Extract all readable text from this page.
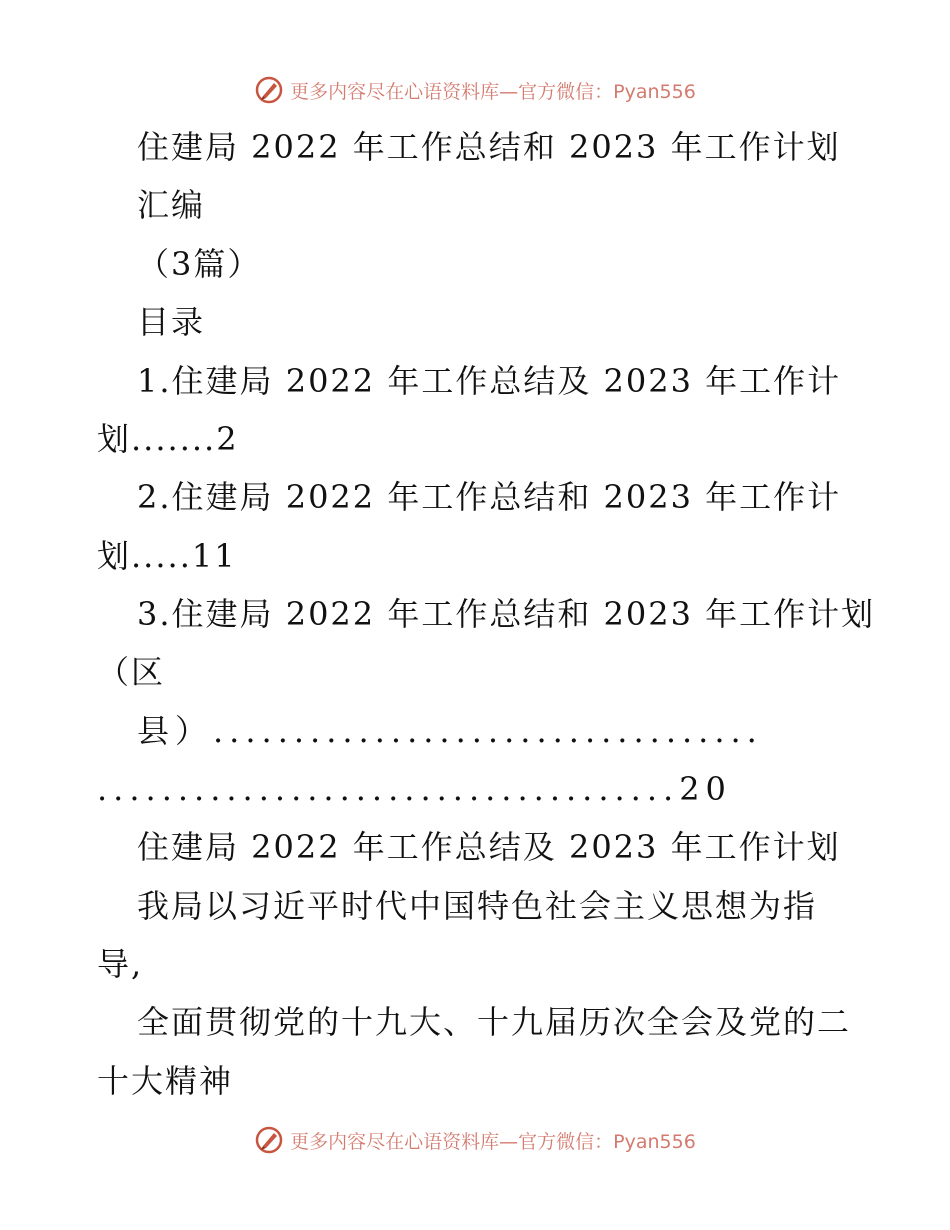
更多内容尽在心语资料库—官方微信：Pyan556
住建局 2022 年工作总结和 2023 年工作计划
汇编
（3篇）
目录
1.住建局 2022 年工作总结及 2023 年工作计
划.......2
2.住建局 2022 年工作总结和 2023 年工作计
划.....11
3.住建局 2022 年工作总结和 2023 年工作计划
（区
县）..................................
....................................20
住建局 2022 年工作总结及 2023 年工作计划
我局以习近平时代中国特色社会主义思想为指
导,
全面贯彻党的十九大、十九届历次全会及党的二
十大精神
更多内容尽在心语资料库—官方微信：Pyan556
